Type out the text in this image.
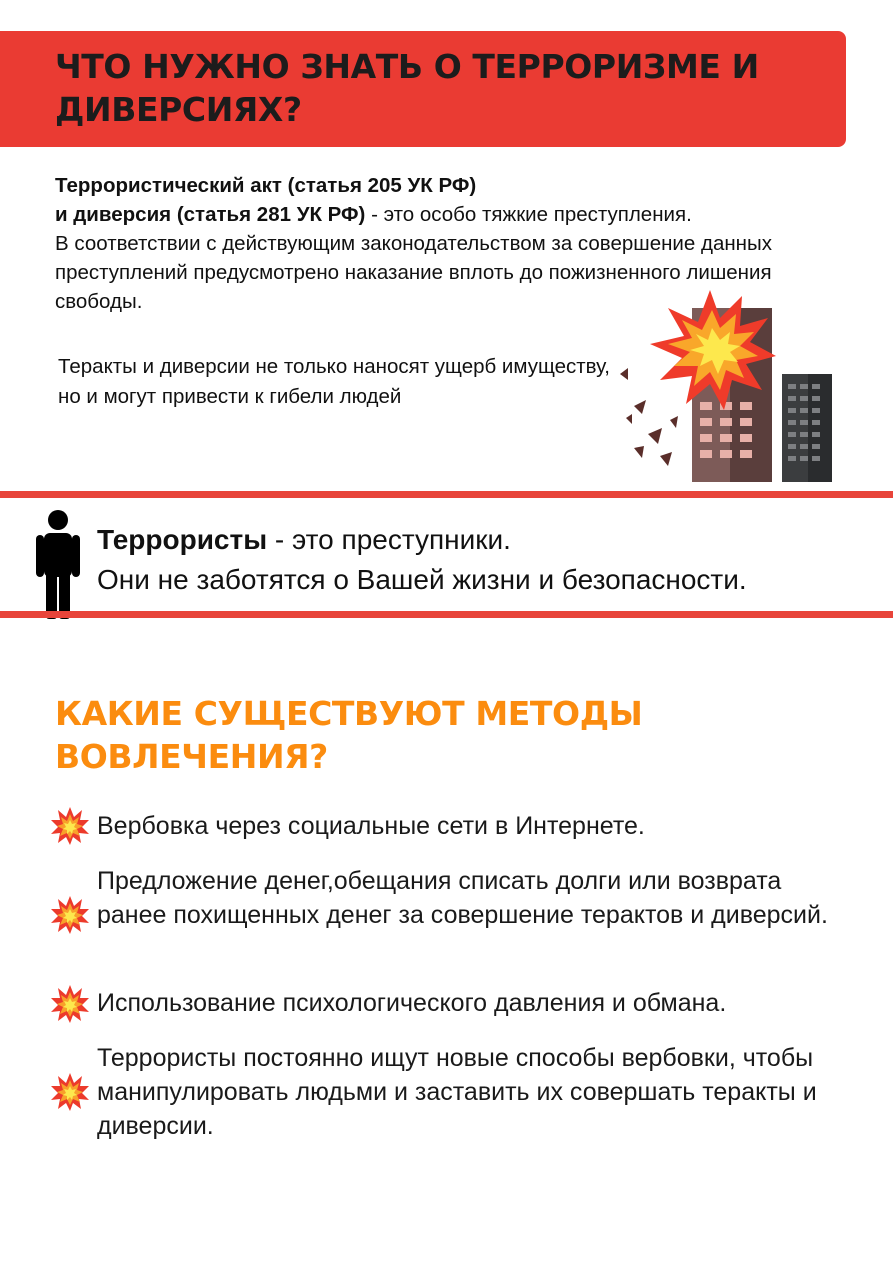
ЧТО НУЖНО ЗНАТЬ О ТЕРРОРИЗМЕ И ДИВЕРСИЯХ?
Террористический акт (статья 205 УК РФ)
и диверсия (статья 281 УК РФ) - это особо тяжкие преступления.
В соответствии с действующим законодательством за совершение данных преступлений предусмотрено наказание вплоть до пожизненного лишения свободы.
Теракты и диверсии не только наносят ущерб имуществу, но и могут привести к гибели людей
Террористы - это преступники.
Они не заботятся о Вашей жизни и безопасности.
КАКИЕ СУЩЕСТВУЮТ МЕТОДЫ
ВОВЛЕЧЕНИЯ?
Вербовка через социальные сети в Интернете.
Предложение денег,обещания списать долги или возврата ранее похищенных денег за совершение терактов и диверсий.
Использование психологического давления и обмана.
Террористы постоянно ищут новые способы вербовки, чтобы манипулировать людьми и заставить их совершать теракты и диверсии.
